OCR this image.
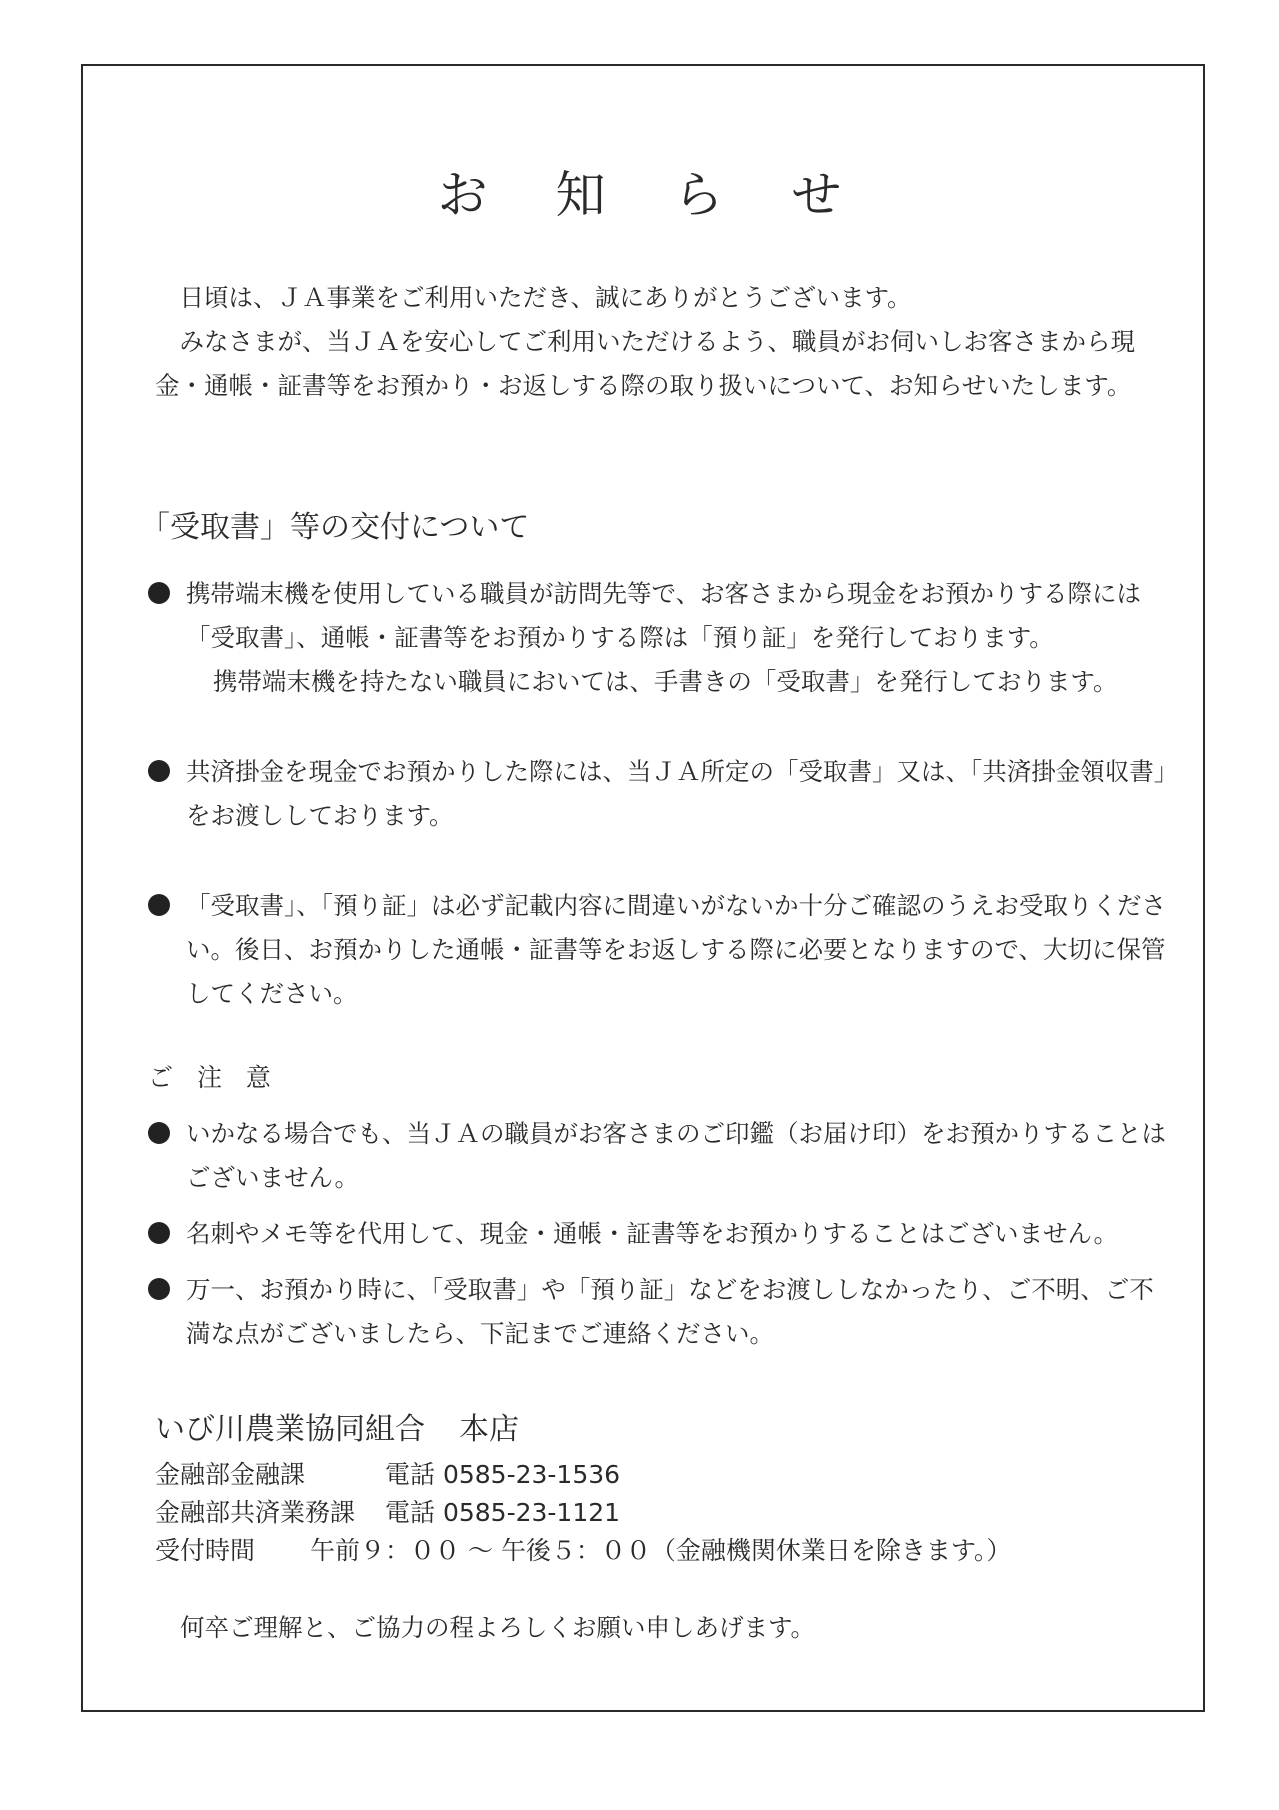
お 知 ら せ

日頃は、ＪＡ事業をご利用いただき、誠にありがとうございます。

みなさまが、当ＪＡを安心してご利用いただけるよう、職員がお伺いしお客さまから現金・通帳・証書等をお預かり・お返しする際の取り扱いについて、お知らせいたします。

「受取書」等の交付について

携帯端末機を使用している職員が訪問先等で、お客さまから現金をお預かりする際には「受取書」、通帳・証書等をお預かりする際は「預り証」を発行しております。

携帯端末機を持たない職員においては、手書きの「受取書」を発行しております。

共済掛金を現金でお預かりした際には、当ＪＡ所定の「受取書」又は、「共済掛金領収書」をお渡ししております。

「受取書」、「預り証」は必ず記載内容に間違いがないか十分ご確認のうえお受取りください。後日、お預かりした通帳・証書等をお返しする際に必要となりますので、大切に保管してください。

ご 注 意

いかなる場合でも、当ＪＡの職員がお客さまのご印鑑（お届け印）をお預かりすることはございません。

名刺やメモ等を代用して、現金・通帳・証書等をお預かりすることはございません。

万一、お預かり時に、「受取書」や「預り証」などをお渡ししなかったり、ご不明、ご不満な点がございましたら、下記までご連絡ください。

いび川農業協同組合 本店

金融部金融課	電話 0585-23-1536
金融部共済業務課	電話 0585-23-1121
受付時間	午前９：００ ～ 午後５：００（金融機関休業日を除きます。）
何卒ご理解と、ご協力の程よろしくお願い申しあげます。
